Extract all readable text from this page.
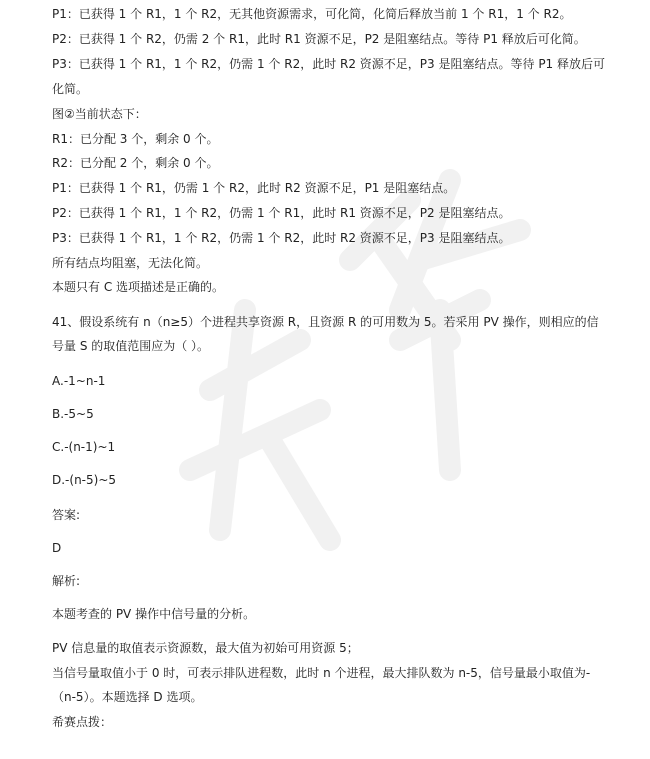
P1：已获得 1 个 R1，1 个 R2，无其他资源需求，可化简，化简后释放当前 1 个 R1，1 个 R2。
P2：已获得 1 个 R2，仍需 2 个 R1，此时 R1 资源不足，P2 是阻塞结点。等待 P1 释放后可化简。
P3：已获得 1 个 R1，1 个 R2，仍需 1 个 R2，此时 R2 资源不足，P3 是阻塞结点。等待 P1 释放后可
化简。
图②当前状态下：
R1：已分配 3 个，剩余 0 个。
R2：已分配 2 个，剩余 0 个。
P1：已获得 1 个 R1，仍需 1 个 R2，此时 R2 资源不足，P1 是阻塞结点。
P2：已获得 1 个 R1，1 个 R2，仍需 1 个 R1，此时 R1 资源不足，P2 是阻塞结点。
P3：已获得 1 个 R1，1 个 R2，仍需 1 个 R2，此时 R2 资源不足，P3 是阻塞结点。
所有结点均阻塞，无法化简。
本题只有 C 选项描述是正确的。
41、假设系统有 n（n≥5）个进程共享资源 R，且资源 R 的可用数为 5。若采用 PV 操作，则相应的信
号量 S 的取值范围应为（ ）。
A.-1~n-1
B.-5~5
C.-(n-1)~1
D.-(n-5)~5
答案:
D
解析:
本题考查的 PV 操作中信号量的分析。
PV 信息量的取值表示资源数，最大值为初始可用资源 5；
当信号量取值小于 0 时，可表示排队进程数，此时 n 个进程，最大排队数为 n-5，信号量最小取值为-
（n-5）。本题选择 D 选项。
希赛点拨：
